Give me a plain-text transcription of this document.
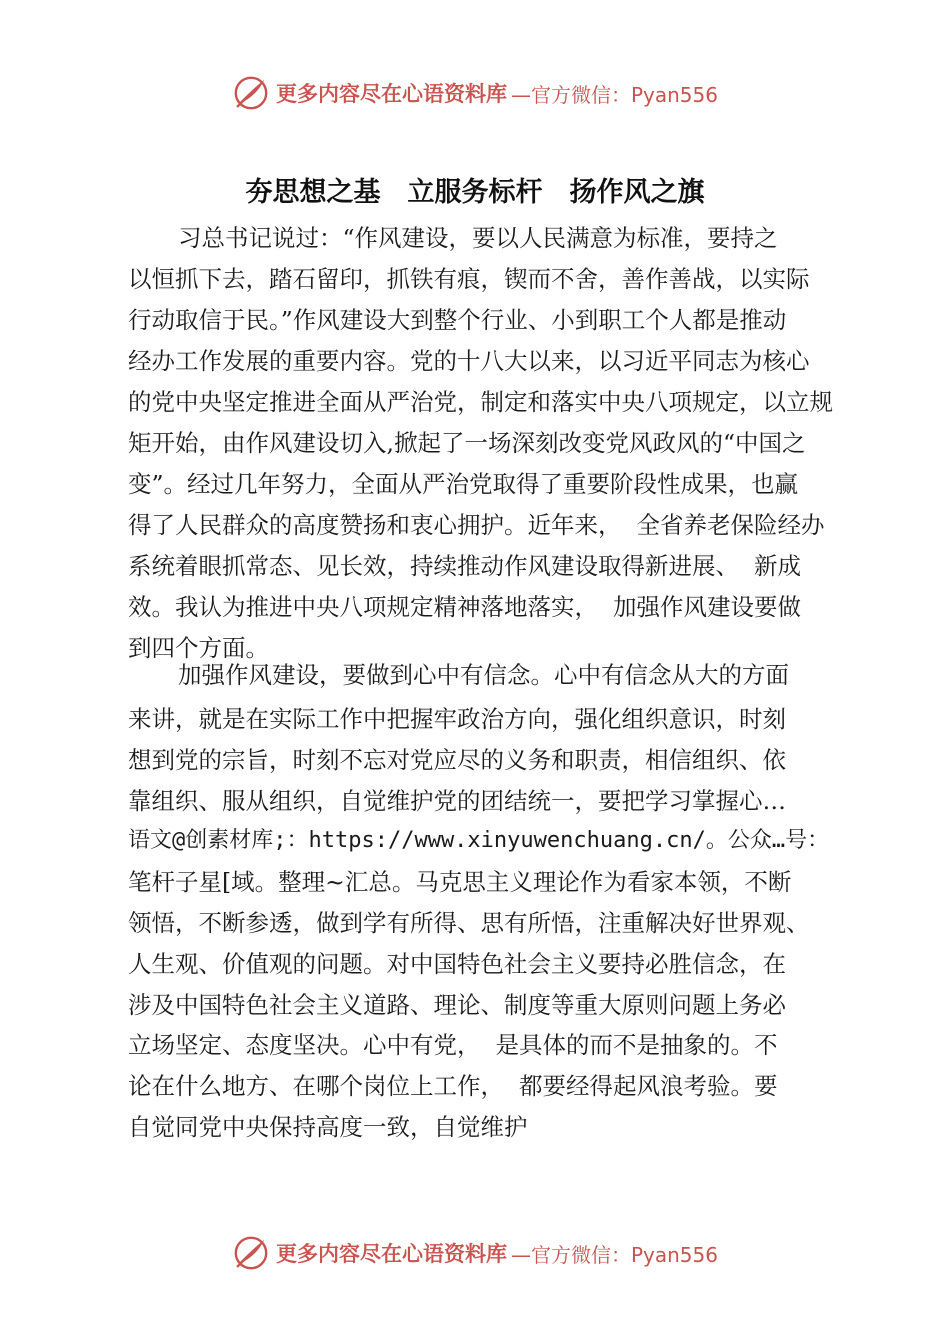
更多内容尽在心语资料库 —官方微信：Pyan556
夯思想之基　立服务标杆　扬作风之旗
习总书记说过：“作风建设，要以人民满意为标准，要持之
以恒抓下去，踏石留印，抓铁有痕，锲而不舍，善作善战，以实际
行动取信于民。”作风建设大到整个行业、小到职工个人都是推动
经办工作发展的重要内容。党的十八大以来，以习近平同志为核心
的党中央坚定推进全面从严治党，制定和落实中央八项规定，以立规
矩开始，由作风建设切入,掀起了一场深刻改变党风政风的“中国之
变”。经过几年努力，全面从严治党取得了重要阶段性成果，也赢
得了人民群众的高度赞扬和衷心拥护。近年来，  全省养老保险经办
系统着眼抓常态、见长效，持续推动作风建设取得新进展、  新成
效。我认为推进中央八项规定精神落地落实，  加强作风建设要做
到四个方面。
加强作风建设，要做到心中有信念。心中有信念从大的方面
来讲，就是在实际工作中把握牢政治方向，强化组织意识，时刻
想到党的宗旨，时刻不忘对党应尽的义务和职责，相信组织、依
靠组织、服从组织，自觉维护党的团结统一，要把学习掌握心…
语文@创素材库;：https://www.xinyuwenchuang.cn/。公众…号：
笔杆子星[域。整理~汇总。马克思主义理论作为看家本领，不断
领悟，不断参透，做到学有所得、思有所悟，注重解决好世界观、
人生观、价值观的问题。对中国特色社会主义要持必胜信念，在
涉及中国特色社会主义道路、理论、制度等重大原则问题上务必
立场坚定、态度坚决。心中有党，  是具体的而不是抽象的。不
论在什么地方、在哪个岗位上工作，  都要经得起风浪考验。要
自觉同党中央保持高度一致，自觉维护
更多内容尽在心语资料库 —官方微信：Pyan556
